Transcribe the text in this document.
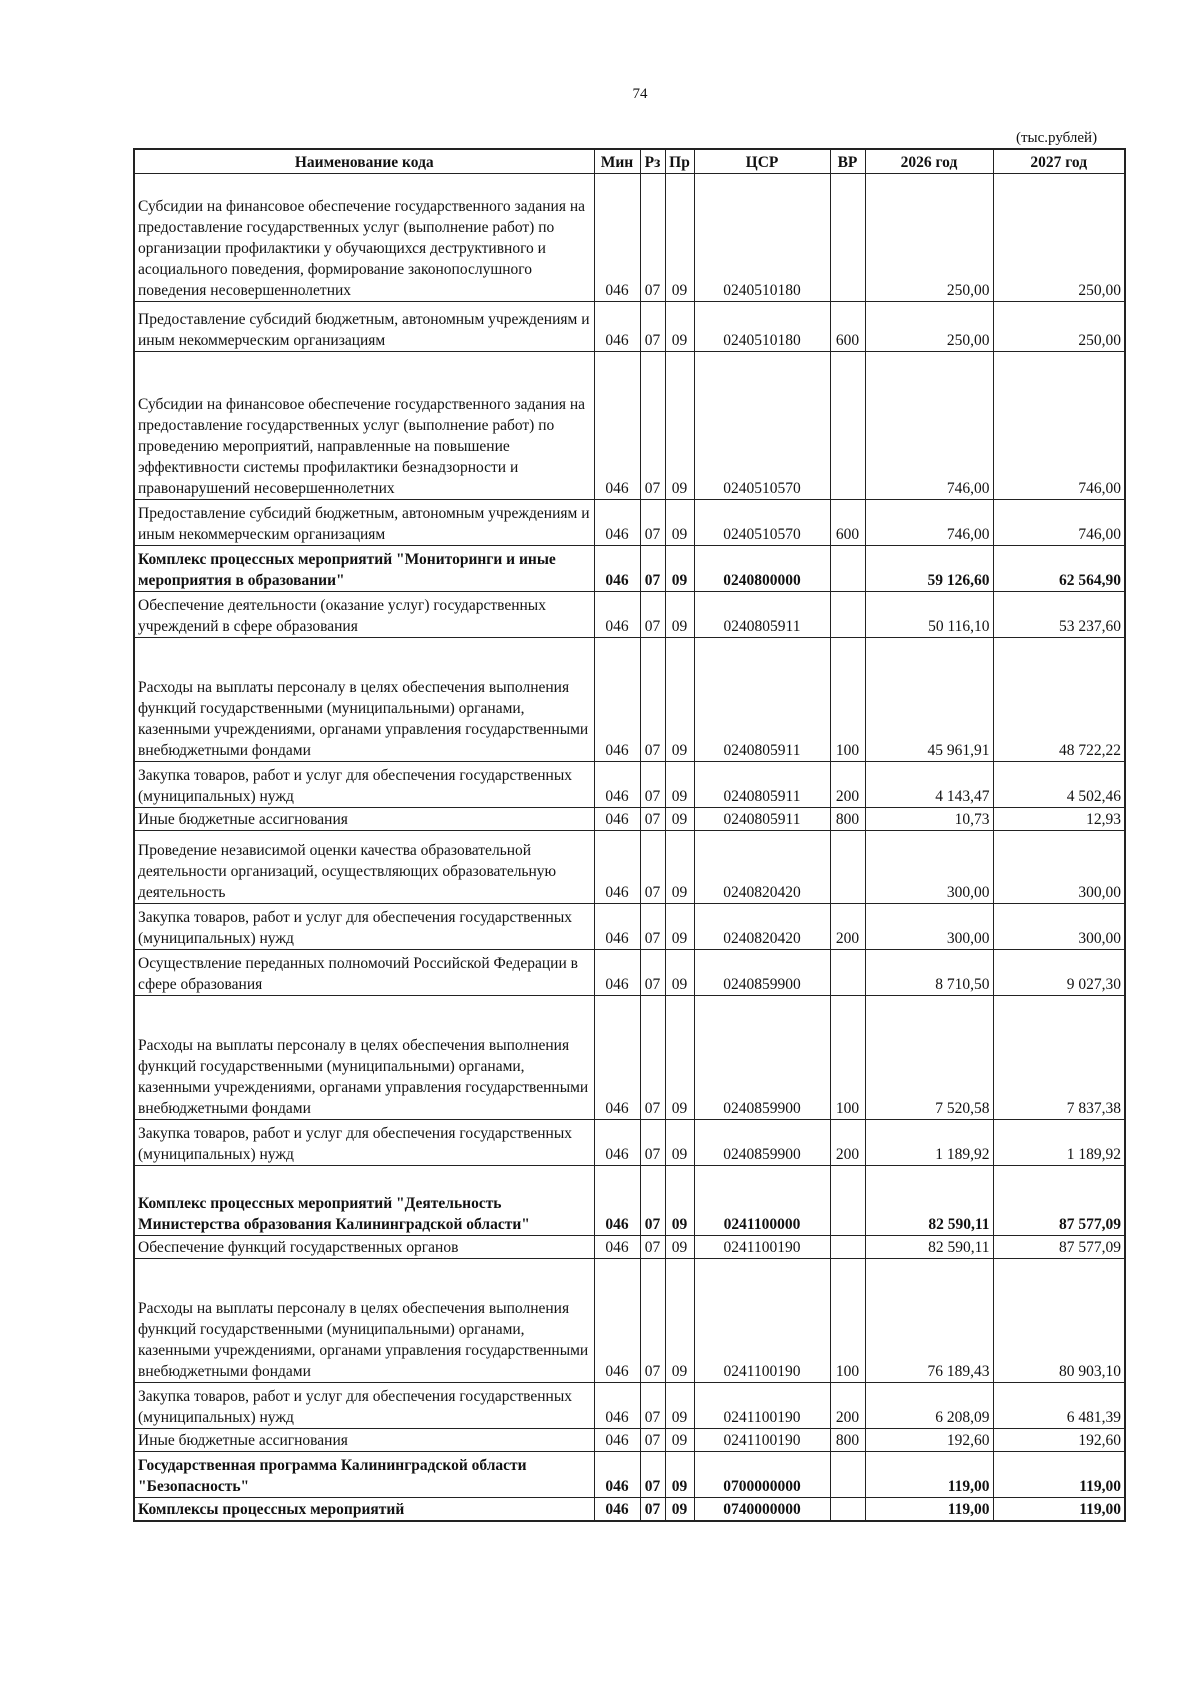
74
(тыс.рублей)
Наименование кода	Мин	Рз	Пр	ЦСР	ВР	2026 год	2027 год
Субсидии на финансовое обеспечение государственного задания на предоставление государственных услуг (выполнение работ) по организации профилактики у обучающихся деструктивного и асоциального поведения, формирование законопослушного поведения несовершеннолетних	046	07	09	0240510180		250,00	250,00
Предоставление субсидий бюджетным, автономным учреждениям и иным некоммерческим организациям	046	07	09	0240510180	600	250,00	250,00
Субсидии на финансовое обеспечение государственного задания на предоставление государственных услуг (выполнение работ) по проведению мероприятий, направленные на повышение эффективности системы профилактики безнадзорности и правонарушений несовершеннолетних	046	07	09	0240510570		746,00	746,00
Предоставление субсидий бюджетным, автономным учреждениям и иным некоммерческим организациям	046	07	09	0240510570	600	746,00	746,00
Комплекс процессных мероприятий "Мониторинги и иные мероприятия в образовании"	046	07	09	0240800000		59 126,60	62 564,90
Обеспечение деятельности (оказание услуг) государственных учреждений в сфере образования	046	07	09	0240805911		50 116,10	53 237,60
Расходы на выплаты персоналу в целях обеспечения выполнения функций государственными (муниципальными) органами, казенными учреждениями, органами управления государственными внебюджетными фондами	046	07	09	0240805911	100	45 961,91	48 722,22
Закупка товаров, работ и услуг для обеспечения государственных (муниципальных) нужд	046	07	09	0240805911	200	4 143,47	4 502,46
Иные бюджетные ассигнования	046	07	09	0240805911	800	10,73	12,93
Проведение независимой оценки качества образовательной деятельности организаций, осуществляющих образовательную деятельность	046	07	09	0240820420		300,00	300,00
Закупка товаров, работ и услуг для обеспечения государственных (муниципальных) нужд	046	07	09	0240820420	200	300,00	300,00
Осуществление переданных полномочий Российской Федерации в сфере образования	046	07	09	0240859900		8 710,50	9 027,30
Расходы на выплаты персоналу в целях обеспечения выполнения функций государственными (муниципальными) органами, казенными учреждениями, органами управления государственными внебюджетными фондами	046	07	09	0240859900	100	7 520,58	7 837,38
Закупка товаров, работ и услуг для обеспечения государственных (муниципальных) нужд	046	07	09	0240859900	200	1 189,92	1 189,92
Комплекс процессных мероприятий "Деятельность Министерства образования Калининградской области"	046	07	09	0241100000		82 590,11	87 577,09
Обеспечение функций государственных органов	046	07	09	0241100190		82 590,11	87 577,09
Расходы на выплаты персоналу в целях обеспечения выполнения функций государственными (муниципальными) органами, казенными учреждениями, органами управления государственными внебюджетными фондами	046	07	09	0241100190	100	76 189,43	80 903,10
Закупка товаров, работ и услуг для обеспечения государственных (муниципальных) нужд	046	07	09	0241100190	200	6 208,09	6 481,39
Иные бюджетные ассигнования	046	07	09	0241100190	800	192,60	192,60
Государственная программа Калининградской области "Безопасность"	046	07	09	0700000000		119,00	119,00
Комплексы процессных мероприятий	046	07	09	0740000000		119,00	119,00
